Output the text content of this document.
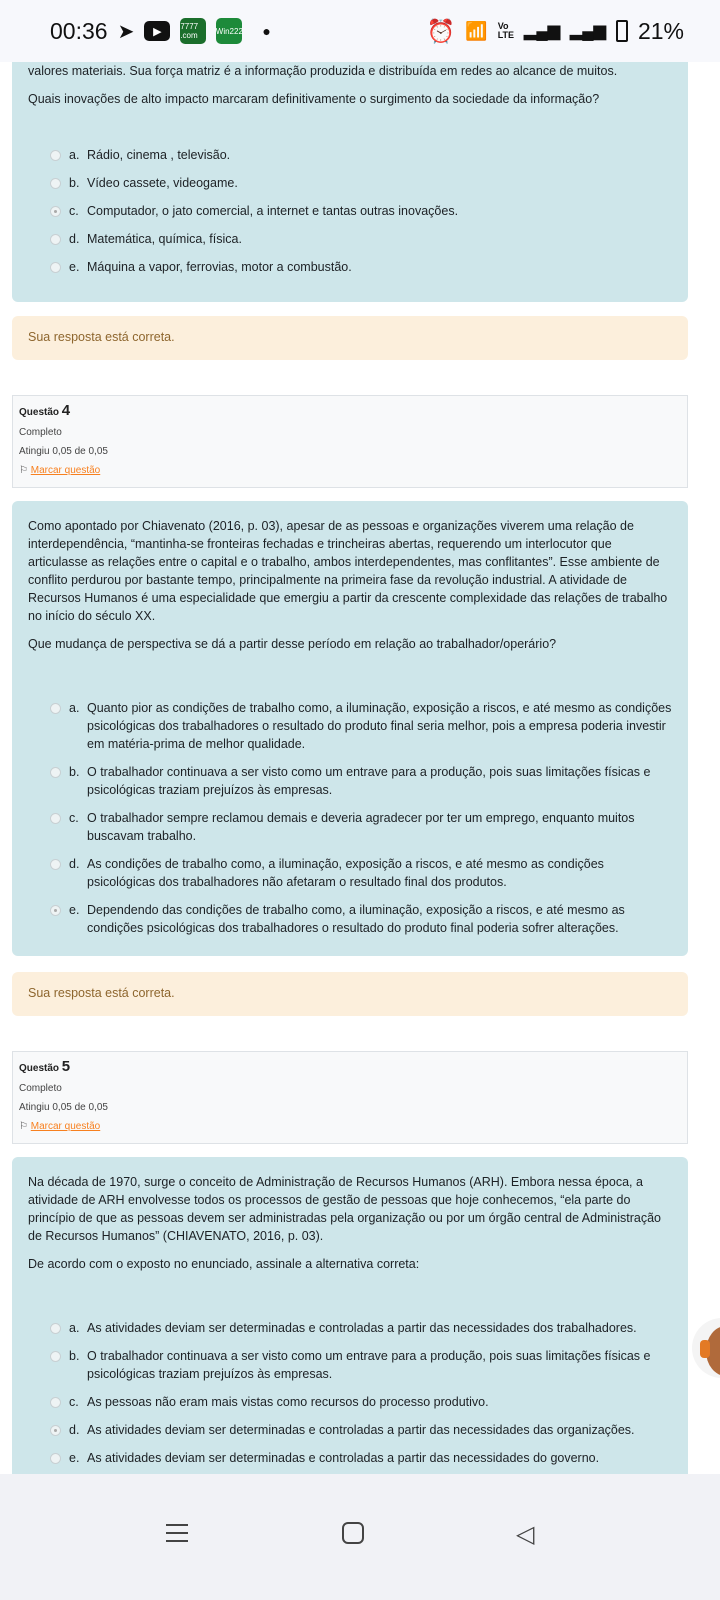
00:36 ➤	▶	7777 .com	Win222 ●	⏰ 📶 Vo
LTE ▂▄▆ ▂▄▆ 21%

valores materiais. Sua força matriz é a informação produzida e distribuída em redes ao alcance de muitos.

Quais inovações de alto impacto marcaram definitivamente o surgimento da sociedade da informação?

a. Rádio, cinema , televisão.
b. Vídeo cassete, videogame.
c. Computador, o jato comercial, a internet e tantas outras inovações.
d. Matemática, química, física.
e. Máquina a vapor, ferrovias, motor a combustão.
Sua resposta está correta.
Questão 4
Completo
Atingiu 0,05 de 0,05
⚐ Marcar questão

Como apontado por Chiavenato (2016, p. 03), apesar de as pessoas e organizações viverem uma relação de interdependência, “mantinha-se fronteiras fechadas e trincheiras abertas, requerendo um interlocutor que articulasse as relações entre o capital e o trabalho, ambos interdependentes, mas conflitantes”. Esse ambiente de conflito perdurou por bastante tempo, principalmente na primeira fase da revolução industrial. A atividade de Recursos Humanos é uma especialidade que emergiu a partir da crescente complexidade das relações de trabalho no início do século XX.

Que mudança de perspectiva se dá a partir desse período em relação ao trabalhador/operário?

a. Quanto pior as condições de trabalho como, a iluminação, exposição a riscos, e até mesmo as condições psicológicas dos trabalhadores o resultado do produto final seria melhor, pois a empresa poderia investir em matéria-prima de melhor qualidade.
b. O trabalhador continuava a ser visto como um entrave para a produção, pois suas limitações físicas e psicológicas traziam prejuízos às empresas.
c. O trabalhador sempre reclamou demais e deveria agradecer por ter um emprego, enquanto muitos buscavam trabalho.
d. As condições de trabalho como, a iluminação, exposição a riscos, e até mesmo as condições psicológicas dos trabalhadores não afetaram o resultado final dos produtos.
e. Dependendo das condições de trabalho como, a iluminação, exposição a riscos, e até mesmo as condições psicológicas dos trabalhadores o resultado do produto final poderia sofrer alterações.
Sua resposta está correta.
Questão 5
Completo
Atingiu 0,05 de 0,05
⚐ Marcar questão

Na década de 1970, surge o conceito de Administração de Recursos Humanos (ARH). Embora nessa época, a atividade de ARH envolvesse todos os processos de gestão de pessoas que hoje conhecemos, “ela parte do princípio de que as pessoas devem ser administradas pela organização ou por um órgão central de Administração de Recursos Humanos” (CHIAVENATO, 2016, p. 03).

De acordo com o exposto no enunciado, assinale a alternativa correta:

a. As atividades deviam ser determinadas e controladas a partir das necessidades dos trabalhadores.
b. O trabalhador continuava a ser visto como um entrave para a produção, pois suas limitações físicas e psicológicas traziam prejuízos às empresas.
c. As pessoas não eram mais vistas como recursos do processo produtivo.
d. As atividades deviam ser determinadas e controladas a partir das necessidades das organizações.
e. As atividades deviam ser determinadas e controladas a partir das necessidades do governo.
◁
